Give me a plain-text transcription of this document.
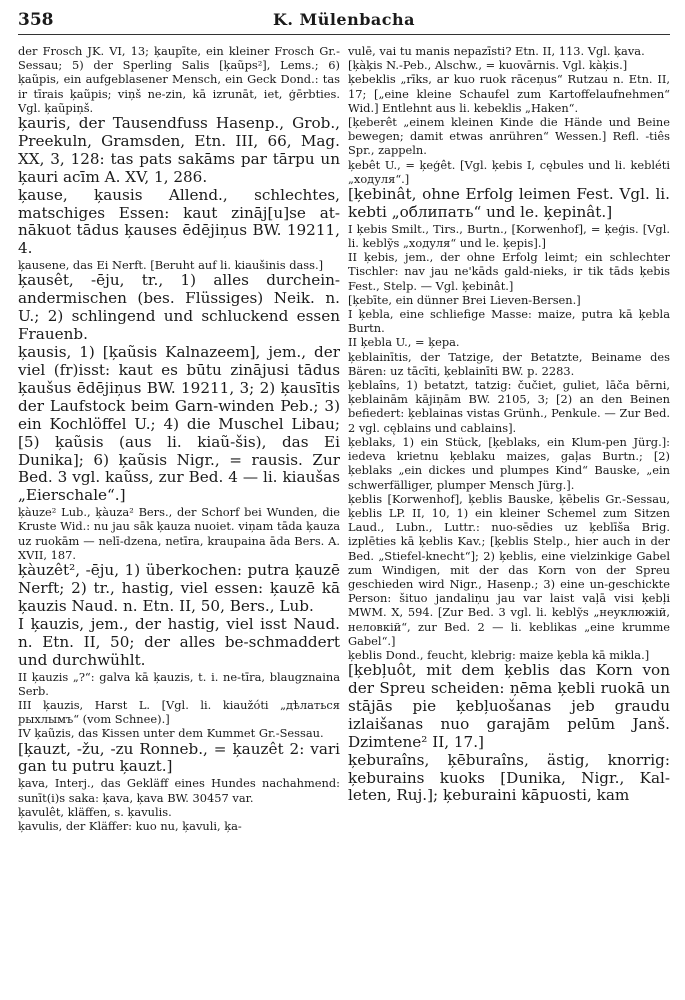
358	K. Mülenbacha

der Frosch JK. VI, 13; ķaupīte, ein kleiner Frosch Gr.-Sessau; 5) der Sperling Salis [ķaũps²], Lems.; 6) ķaũpis, ein aufgeblasener Mensch, ein Geck Dond.: tas ir tīrais ķaũpis; viņš ne-zin, kā izrunāt, iet, ģērbties. Vgl. ķaũpiņš.

ķauris, der Tausendfuss Hasenp., Grob., Preekuln, Gramsden, Etn. III, 66, Mag. XX, 3, 128: tas pats sakāms par tārpu un ķauri acīm A. XV, 1, 286.

ķause, ķausis Allend., schlechtes, matschiges Essen: kaut zināj[u]se at-nākuot tādus ķauses ēdējiņus BW. 19211, 4.

ķausene, das Ei Nerft. [Beruht auf li. kiaušinis dass.]

ķausêt, -ēju, tr., 1) alles durchein-andermischen (bes. Flüssiges) Neik. n. U.; 2) schlingend und schluckend essen Frauenb.

ķausis, 1) [ķaũsis Kalnazeem], jem., der viel (fr)isst: kaut es būtu zinājusi tādus ķaušus ēdējiņus BW. 19211, 3; 2) ķausītis der Laufstock beim Garn-winden Peb.; 3) ein Kochlöffel U.; 4) die Muschel Libau; [5) ķaũsis (aus li. kiaũ-šis), das Ei Dunika]; 6) ķaũsis Nigr., = rausis. Zur Bed. 3 vgl. kaũss, zur Bed. 4 — li. kiaušas „Eierschale“.]

ķàuze² Lub., ķàuza² Bers., der Schorf bei Wunden, die Kruste Wid.: nu jau sāk ķauza nuoiet. viņam tāda ķauza uz ruokām — nelī-dzena, netīra, kraupaina āda Bers. A. XVII, 187.

ķàuzêt², -ēju, 1) überkochen: putra ķauzē Nerft; 2) tr., hastig, viel essen: ķauzē kā ķauzis Naud. n. Etn. II, 50, Bers., Lub.

I ķauzis, jem., der hastig, viel isst Naud. n. Etn. II, 50; der alles be-schmaddert und durchwühlt.

II ķauzis „?“: galva kā ķauzis, t. i. ne-tīra, blaugznaina Serb.

III ķauzis, Harst L. [Vgl. li. kiaužóti „дѣлаться рыхлымъ“ (vom Schnee).]

IV ķaũzis, das Kissen unter dem Kummet Gr.-Sessau.

[ķauzt, -žu, -zu Ronneb., = ķauzêt 2: vari gan tu putru ķauzt.]

ķava, Interj., das Gekläff eines Hundes nachahmend: sunīt(i)s saka: ķava, ķava BW. 30457 var.

ķavulêt, kläffen, s. ķavulis.

ķavulis, der Kläffer: kuo nu, ķavuli, ķa-

vulē, vai tu manis nepazīsti? Etn. II, 113. Vgl. ķava.

[ķàķis N.-Peb., Alschw., = kuovārnis. Vgl. kàķis.]

ķebeklis „rīks, ar kuo ruok rāceņus“ Rutzau n. Etn. II, 17; [„eine kleine Schaufel zum Kartoffelaufnehmen“ Wid.] Entlehnt aus li. kebeklis „Haken“.

[ķeberêt „einem kleinen Kinde die Hände und Beine bewegen; damit etwas anrühren“ Wessen.] Refl. -tiês Spr., zappeln.

ķebêt U., = ķeģêt. [Vgl. ķebis I, cębules und li. kebléti „ходуля“.]

[ķebinât, ohne Erfolg leimen Fest. Vgl. li. kebti „облипать“ und le. ķepinât.]

I ķebis Smilt., Tirs., Burtn., [Korwenhof], = ķeģis. [Vgl. li. keblỹs „ходуля“ und le. ķepis].]

II ķebis, jem., der ohne Erfolg leimt; ein schlechter Tischler: nav jau ne'kāds gald-nieks, ir tik tāds ķebis Fest., Stelp. — Vgl. ķebinât.]

[ķebīte, ein dünner Brei Lieven-Bersen.]

I ķebla, eine schliefige Masse: maize, putra kā ķebla Burtn.

II ķebla U., = ķepa.

ķeblainītis, der Tatzige, der Betatzte, Beiname des Bären: uz tācīti, ķeblainīti BW. p. 2283.

ķeblaîns, 1) betatzt, tatzig: čučiet, guliet, lāča bērni, ķeblainām kājiņām BW. 2105, 3; [2) an den Beinen befiedert: ķeblainas vistas Grünh., Penkule. — Zur Bed. 2 vgl. cęblains und cablains].

ķeblaks, 1) ein Stück, [ķeblaks, ein Klum-pen Jürg.]: iedeva krietnu ķeblaku maizes, gaļas Burtn.; [2) ķeblaks „ein dickes und plumpes Kind“ Bauske, „ein schwerfälliger, plumper Mensch Jürg.].

ķeblis [Korwenhof], ķeblis Bauske, ķēbelis Gr.-Sessau, ķeblis LP. II, 10, 1) ein kleiner Schemel zum Sitzen Laud., Lubn., Luttr.: nuo-sēdies uz ķeblīša Brig. izplēties kā ķeblis Kav.; [ķeblis Stelp., hier auch in der Bed. „Stiefel-knecht“]; 2) ķeblis, eine vielzinkige Gabel zum Windigen, mit der das Korn von der Spreu geschieden wird Nigr., Hasenp.; 3) eine un-geschickte Person: šituo jandaliņu jau var laist vaļā visi ķebļi MWM. X, 594. [Zur Bed. 3 vgl. li. keblỹs „неуклюжій, неловкій“, zur Bed. 2 — li. keblikas „eine krumme Gabel“.]

ķeblis Dond., feucht, klebrig: maize ķebla kā mikla.]

[ķebļuôt, mit dem ķeblis das Korn von der Spreu scheiden: ņēma ķebli ruokā un stājās pie ķebļuošanas jeb graudu izlaišanas nuo garajām pelūm Janš. Dzimtene² II, 17.]

ķeburaîns, ķēburaîns, ästig, knorrig: ķeburains kuoks [Dunika, Nigr., Kal-leten, Ruj.]; ķeburaini kāpuosti, kam
